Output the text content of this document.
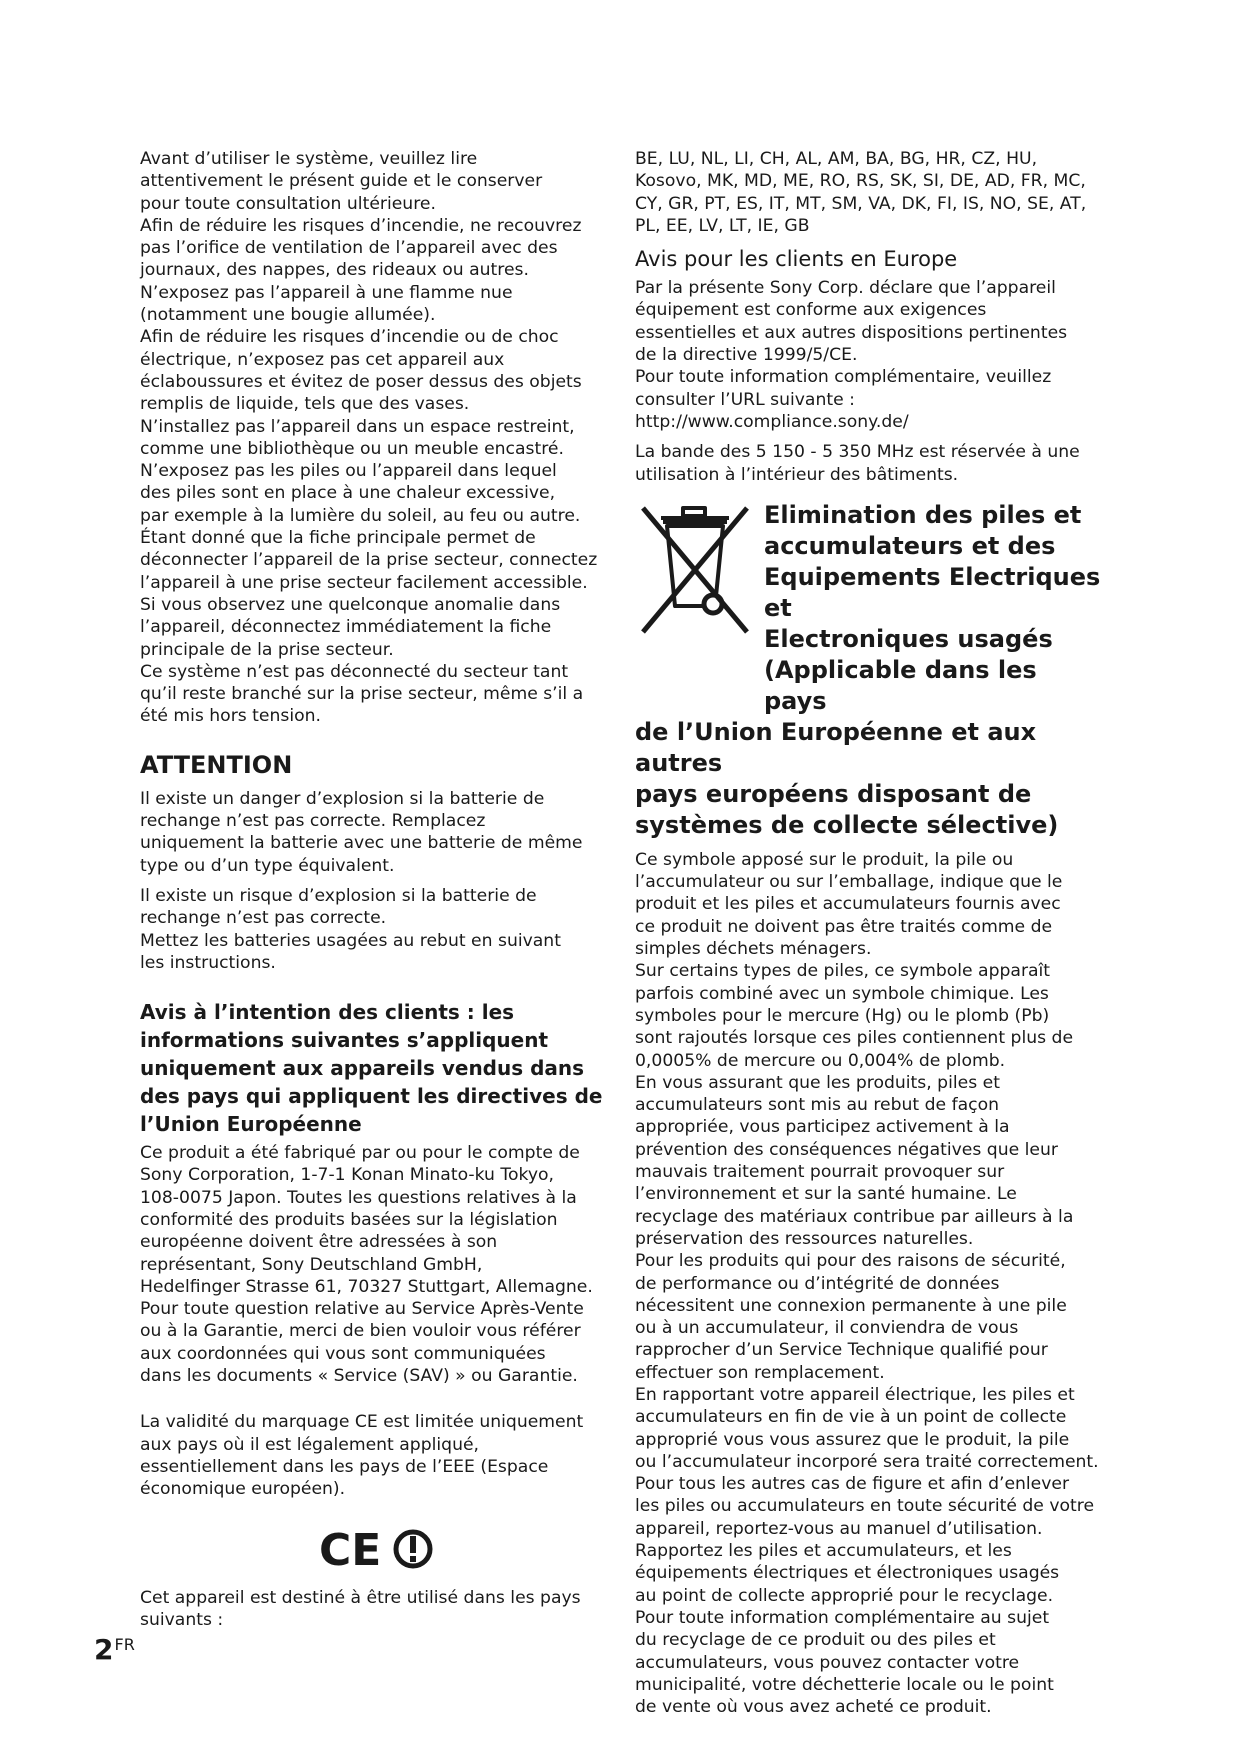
Avant d’utiliser le système, veuillez lire
attentivement le présent guide et le conserver
pour toute consultation ultérieure.

Afin de réduire les risques d’incendie, ne recouvrez
pas l’orifice de ventilation de l’appareil avec des
journaux, des nappes, des rideaux ou autres.

N’exposez pas l’appareil à une flamme nue
(notamment une bougie allumée).

Afin de réduire les risques d’incendie ou de choc
électrique, n’exposez pas cet appareil aux
éclaboussures et évitez de poser dessus des objets
remplis de liquide, tels que des vases.

N’installez pas l’appareil dans un espace restreint,
comme une bibliothèque ou un meuble encastré.

N’exposez pas les piles ou l’appareil dans lequel
des piles sont en place à une chaleur excessive,
par exemple à la lumière du soleil, au feu ou autre.

Étant donné que la fiche principale permet de
déconnecter l’appareil de la prise secteur, connectez
l’appareil à une prise secteur facilement accessible.

Si vous observez une quelconque anomalie dans
l’appareil, déconnectez immédiatement la fiche
principale de la prise secteur.

Ce système n’est pas déconnecté du secteur tant
qu’il reste branché sur la prise secteur, même s’il a
été mis hors tension.

ATTENTION

Il existe un danger d’explosion si la batterie de
rechange n’est pas correcte. Remplacez
uniquement la batterie avec une batterie de même
type ou d’un type équivalent.

Il existe un risque d’explosion si la batterie de
rechange n’est pas correcte.

Mettez les batteries usagées au rebut en suivant
les instructions.

Avis à l’intention des clients : les
informations suivantes s’appliquent
uniquement aux appareils vendus dans
des pays qui appliquent les directives de
l’Union Européenne

Ce produit a été fabriqué par ou pour le compte de
Sony Corporation, 1-7-1 Konan Minato-ku Tokyo,
108-0075 Japon. Toutes les questions relatives à la
conformité des produits basées sur la législation
européenne doivent être adressées à son
représentant, Sony Deutschland GmbH,
Hedelfinger Strasse 61, 70327 Stuttgart, Allemagne.

Pour toute question relative au Service Après-Vente
ou à la Garantie, merci de bien vouloir vous référer
aux coordonnées qui vous sont communiquées
dans les documents « Service (SAV) » ou Garantie.

La validité du marquage CE est limitée uniquement
aux pays où il est légalement appliqué,
essentiellement dans les pays de l’EEE (Espace
économique européen).

CE

Cet appareil est destiné à être utilisé dans les pays
suivants :

BE, LU, NL, LI, CH, AL, AM, BA, BG, HR, CZ, HU,
Kosovo, MK, MD, ME, RO, RS, SK, SI, DE, AD, FR, MC,
CY, GR, PT, ES, IT, MT, SM, VA, DK, FI, IS, NO, SE, AT,
PL, EE, LV, LT, IE, GB

Avis pour les clients en Europe

Par la présente Sony Corp. déclare que l’appareil
équipement est conforme aux exigences
essentielles et aux autres dispositions pertinentes
de la directive 1999/5/CE.

Pour toute information complémentaire, veuillez
consulter l’URL suivante :
http://www.compliance.sony.de/

La bande des 5 150 - 5 350 MHz est réservée à une
utilisation à l’intérieur des bâtiments.

Elimination des piles et
accumulateurs et des
Equipements Electriques et
Electroniques usagés
(Applicable dans les pays
de l’Union Européenne et aux autres
pays européens disposant de
systèmes de collecte sélective)

Ce symbole apposé sur le produit, la pile ou
l’accumulateur ou sur l’emballage, indique que le
produit et les piles et accumulateurs fournis avec
ce produit ne doivent pas être traités comme de
simples déchets ménagers.

Sur certains types de piles, ce symbole apparaît
parfois combiné avec un symbole chimique. Les
symboles pour le mercure (Hg) ou le plomb (Pb)
sont rajoutés lorsque ces piles contiennent plus de
0,0005% de mercure ou 0,004% de plomb.

En vous assurant que les produits, piles et
accumulateurs sont mis au rebut de façon
appropriée, vous participez activement à la
prévention des conséquences négatives que leur
mauvais traitement pourrait provoquer sur
l’environnement et sur la santé humaine. Le
recyclage des matériaux contribue par ailleurs à la
préservation des ressources naturelles.

Pour les produits qui pour des raisons de sécurité,
de performance ou d’intégrité de données
nécessitent une connexion permanente à une pile
ou à un accumulateur, il conviendra de vous
rapprocher d’un Service Technique qualifié pour
effectuer son remplacement.

En rapportant votre appareil électrique, les piles et
accumulateurs en fin de vie à un point de collecte
approprié vous vous assurez que le produit, la pile
ou l’accumulateur incorporé sera traité correctement.

Pour tous les autres cas de figure et afin d’enlever
les piles ou accumulateurs en toute sécurité de votre
appareil, reportez-vous au manuel d’utilisation.

Rapportez les piles et accumulateurs, et les
équipements électriques et électroniques usagés
au point de collecte approprié pour le recyclage.

Pour toute information complémentaire au sujet
du recyclage de ce produit ou des piles et
accumulateurs, vous pouvez contacter votre
municipalité, votre déchetterie locale ou le point
de vente où vous avez acheté ce produit.

$2^{FR}$
